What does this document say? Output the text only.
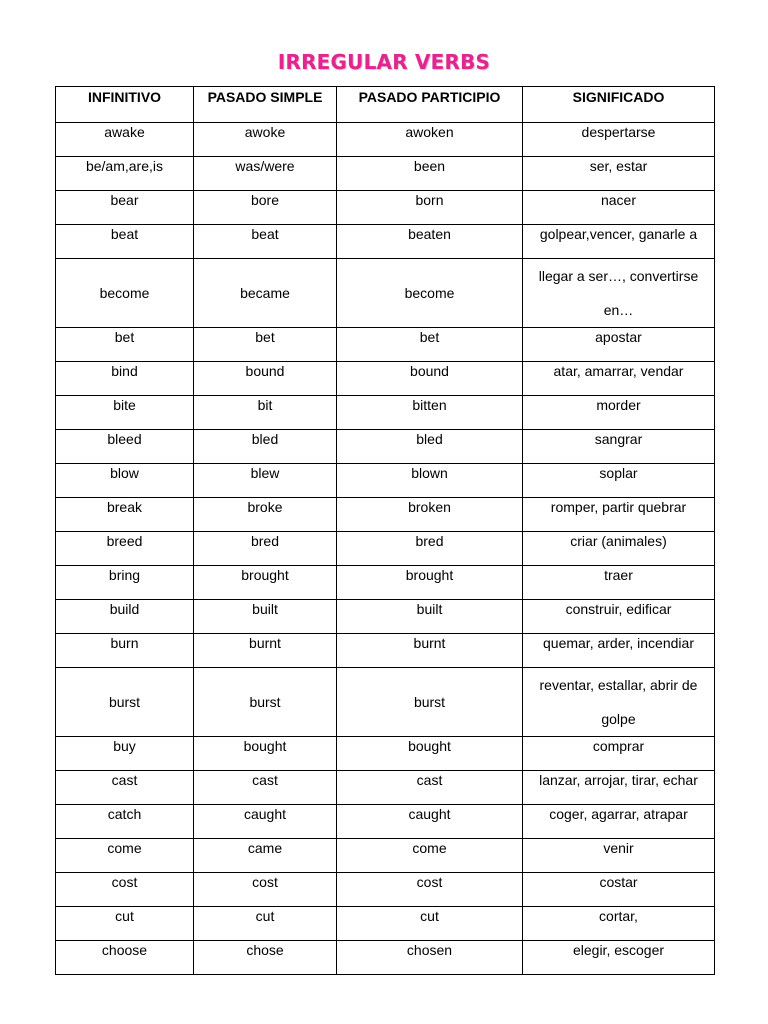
IRREGULAR VERBS
INFINITIVO	PASADO SIMPLE	PASADO PARTICIPIO	SIGNIFICADO
awake	awoke	awoken	despertarse
be/am,are,is	was/were	been	ser, estar
bear	bore	born	nacer
beat	beat	beaten	golpear,vencer, ganarle a
become	became	become	llegar a ser…, convertirse en…
bet	bet	bet	apostar
bind	bound	bound	atar, amarrar, vendar
bite	bit	bitten	morder
bleed	bled	bled	sangrar
blow	blew	blown	soplar
break	broke	broken	romper, partir quebrar
breed	bred	bred	criar (animales)
bring	brought	brought	traer
build	built	built	construir, edificar
burn	burnt	burnt	quemar, arder, incendiar
burst	burst	burst	reventar, estallar, abrir de golpe
buy	bought	bought	comprar
cast	cast	cast	lanzar, arrojar, tirar, echar
catch	caught	caught	coger, agarrar, atrapar
come	came	come	venir
cost	cost	cost	costar
cut	cut	cut	cortar,
choose	chose	chosen	elegir, escoger
